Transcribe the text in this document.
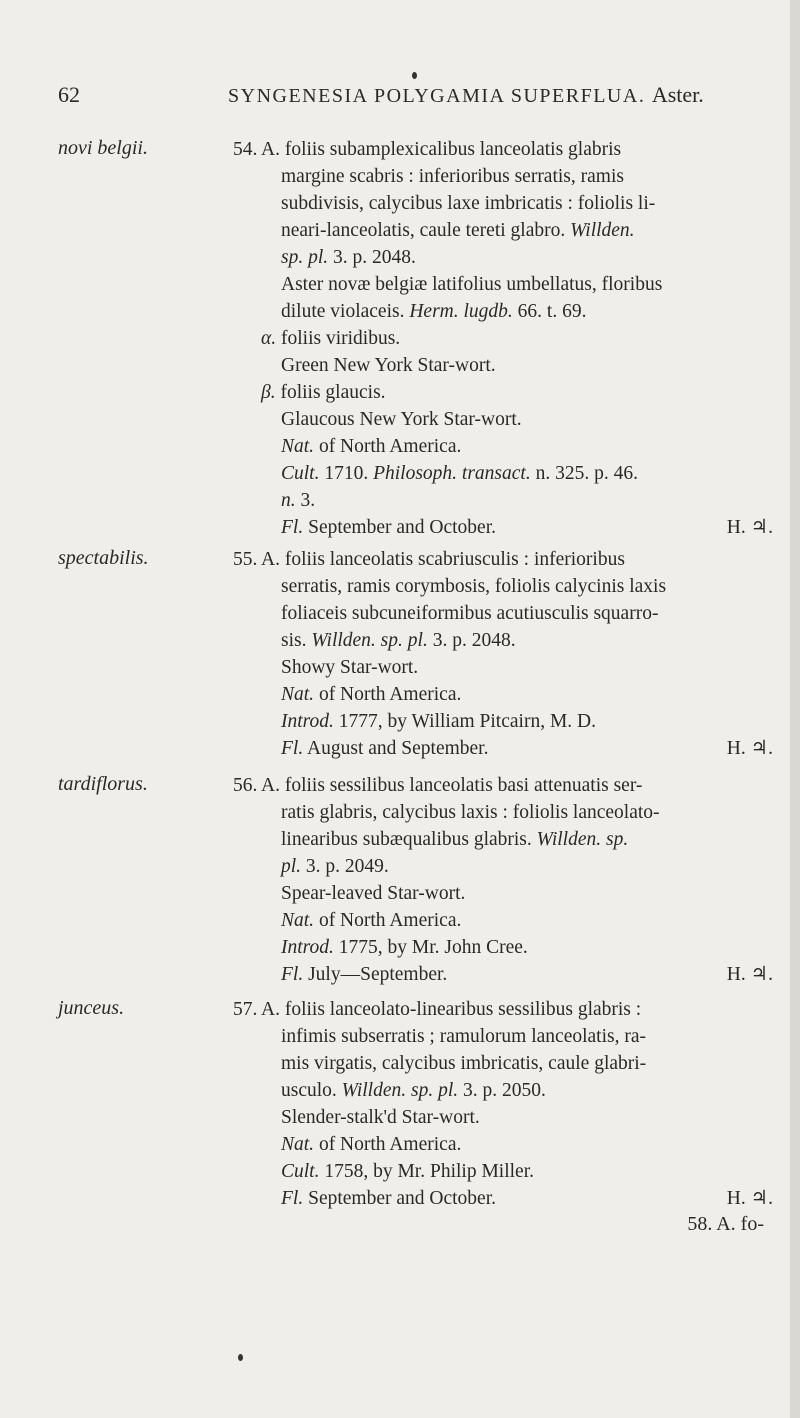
62	SYNGENESIA POLYGAMIA SUPERFLUA. Aster.
novi belgii.	54. A. foliis subamplexicalibus lanceolatis glabris
margine scabris : inferioribus serratis, ramis
subdivisis, calycibus laxe imbricatis : foliolis li-
neari-lanceolatis, caule tereti glabro. Willden.
sp. pl. 3. p. 2048.
Aster novæ belgiæ latifolius umbellatus, floribus
dilute violaceis. Herm. lugdb. 66. t. 69.
α. foliis viridibus.
Green New York Star-wort.
β. foliis glaucis.
Glaucous New York Star-wort.
Nat. of North America.
Cult. 1710. Philosoph. transact. n. 325. p. 46.
n. 3.
Fl. September and October.	H. ♃.
spectabilis.	55. A. foliis lanceolatis scabriusculis : inferioribus
serratis, ramis corymbosis, foliolis calycinis laxis
foliaceis subcuneiformibus acutiusculis squarro-
sis. Willden. sp. pl. 3. p. 2048.
Showy Star-wort.
Nat. of North America.
Introd. 1777, by William Pitcairn, M. D.
Fl. August and September.	H. ♃.
tardiflorus.	56. A. foliis sessilibus lanceolatis basi attenuatis ser-
ratis glabris, calycibus laxis : foliolis lanceolato-
linearibus subæqualibus glabris. Willden. sp.
pl. 3. p. 2049.
Spear-leaved Star-wort.
Nat. of North America.
Introd. 1775, by Mr. John Cree.
Fl. July—September.	H. ♃.
junceus.	57. A. foliis lanceolato-linearibus sessilibus glabris :
infimis subserratis ; ramulorum lanceolatis, ra-
mis virgatis, calycibus imbricatis, caule glabri-
usculo. Willden. sp. pl. 3. p. 2050.
Slender-stalk'd Star-wort.
Nat. of North America.
Cult. 1758, by Mr. Philip Miller.
Fl. September and October.	H. ♃.
58. A. fo-
